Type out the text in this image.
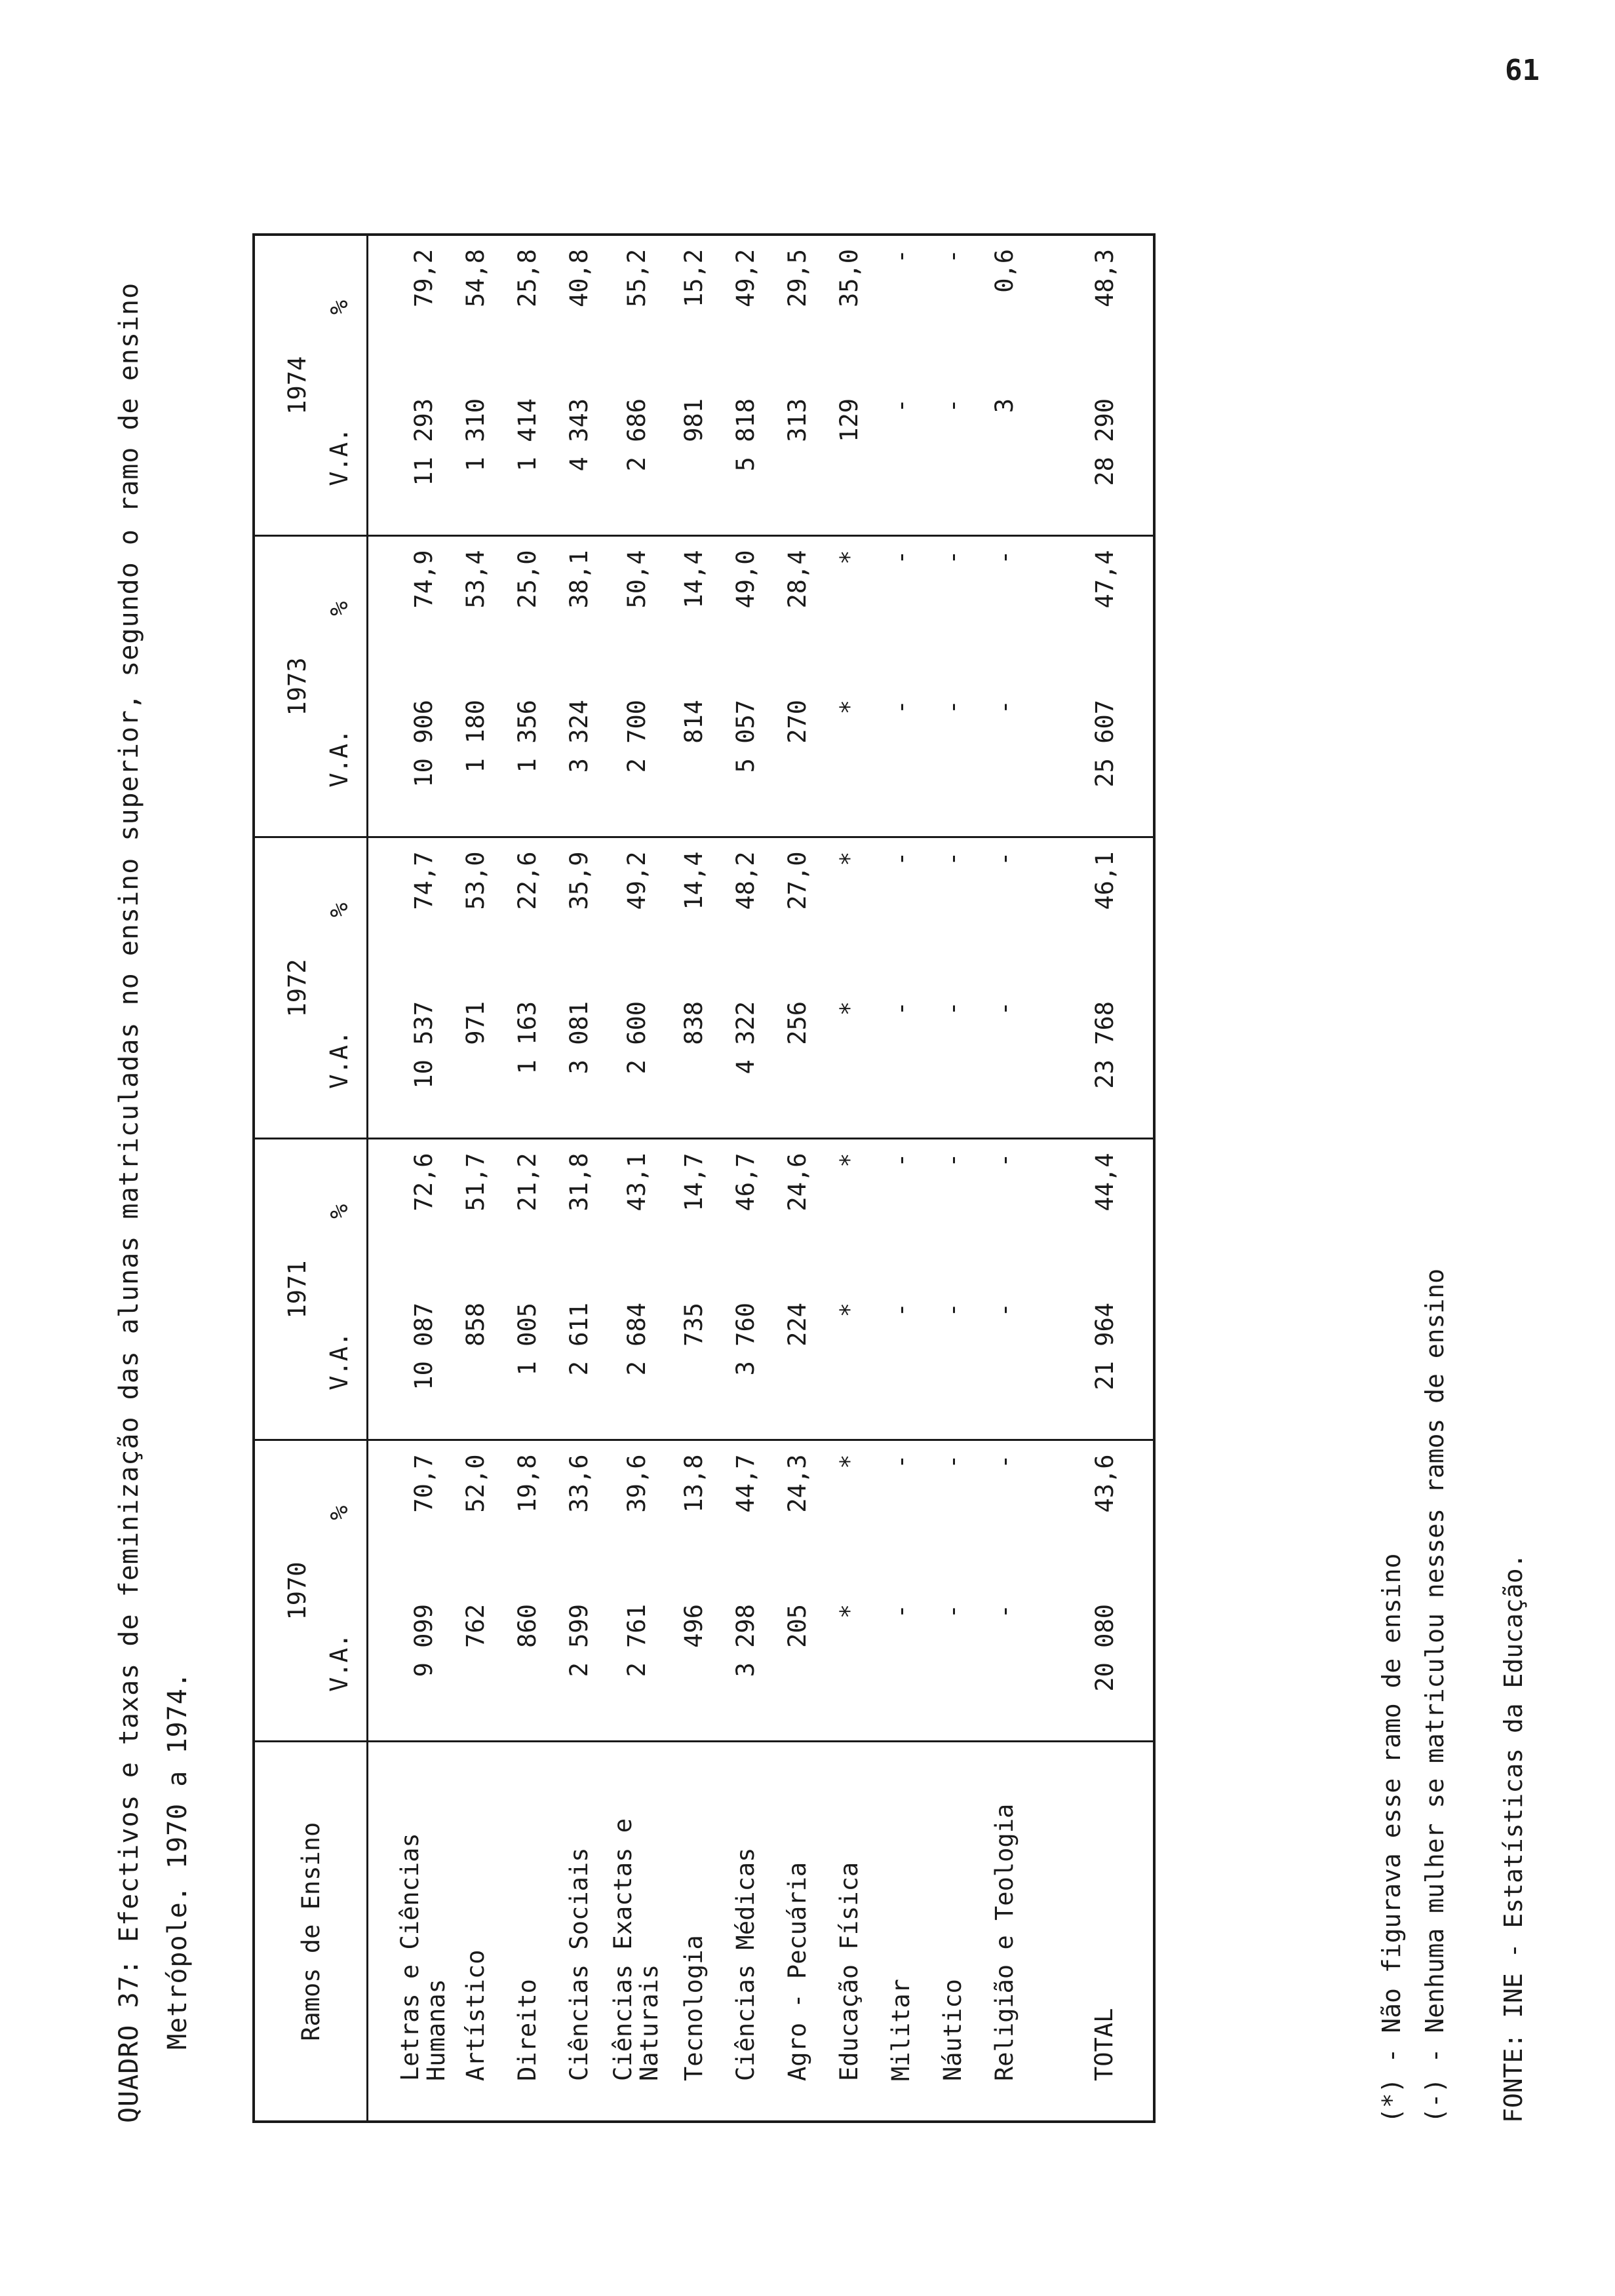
61
QUADRO 37: Efectivos e taxas de feminização das alunas matriculadas no ensino superior, segundo o ramo de ensino Metrópole. 1970 a 1974.	Ramos de Ensino	1970		1971		1972		1973		1974	
	V.A.	%	V.A.	%	V.A.	%	V.A.	%	V.A.	%
Letras e Ciências Humanas	9 099	70,7	10 087	72,6	10 537	74,7	10 906	74,9	11 293	79,2
Artístico	762	52,0	858	51,7	971	53,0	1 180	53,4	1 310	54,8
Direito	860	19,8	1 005	21,2	1 163	22,6	1 356	25,0	1 414	25,8
Ciências Sociais	2 599	33,6	2 611	31,8	3 081	35,9	3 324	38,1	4 343	40,8
Ciências Exactas e Naturais	2 761	39,6	2 684	43,1	2 600	49,2	2 700	50,4	2 686	55,2
Tecnologia	496	13,8	735	14,7	838	14,4	814	14,4	981	15,2
Ciências Médicas	3 298	44,7	3 760	46,7	4 322	48,2	5 057	49,0	5 818	49,2
Agro - Pecuária	205	24,3	224	24,6	256	27,0	270	28,4	313	29,5
Educação Física	*	*	*	*	*	*	*	*	129	35,0
Militar	-	-	-	-	-	-	-	-	-	-
Náutico	-	-	-	-	-	-	-	-	-	-
Religião e Teologia	-	-	-	-	-	-	-	-	3	0,6

TOTAL	20 080	43,6	21 964	44,4	23 768	46,1	25 607	47,4	28 290	48,3
(*) - Não figurava esse ramo de ensino (-) - Nenhuma mulher se matriculou nesses ramos de ensino FONTE: INE - Estatísticas da Educação.
